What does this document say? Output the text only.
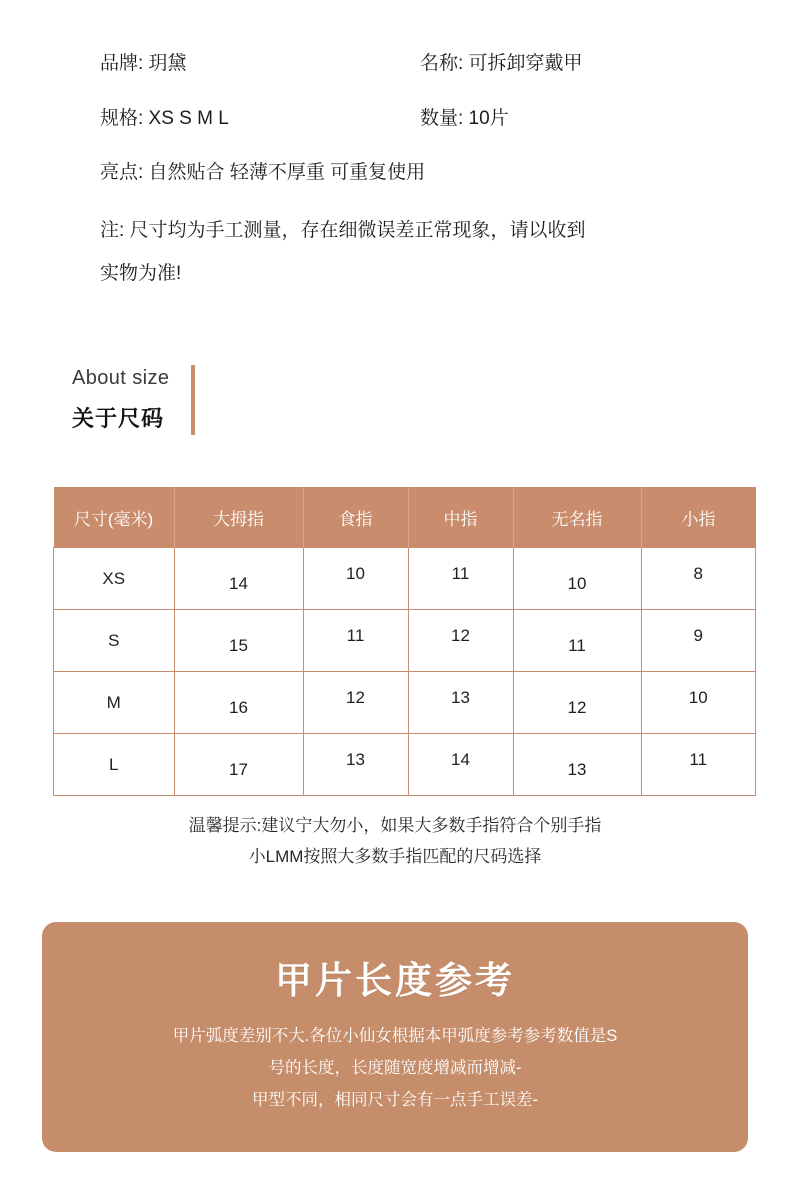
品牌: 玥黛	名称: 可拆卸穿戴甲
规格: XS S M L	数量: 10片
亮点: 自然贴合 轻薄不厚重 可重复使用
注: 尺寸均为手工测量，存在细微误差正常现象，请以收到
实物为准!
About size
关于尺码
尺寸(毫米)	大拇指	食指	中指	无名指	小指
XS	14	10	11	10	8
S	15	11	12	11	9
M	16	12	13	12	10
L	17	13	14	13	11
温馨提示:建议宁大勿小，如果大多数手指符合个别手指
小LMM按照大多数手指匹配的尺码选择
甲片长度参考
甲片弧度差别不大.各位小仙女根据本甲弧度参考参考数值是S
号的长度，长度随宽度增减而增减-
甲型不同，相同尺寸会有一点手工误差-
